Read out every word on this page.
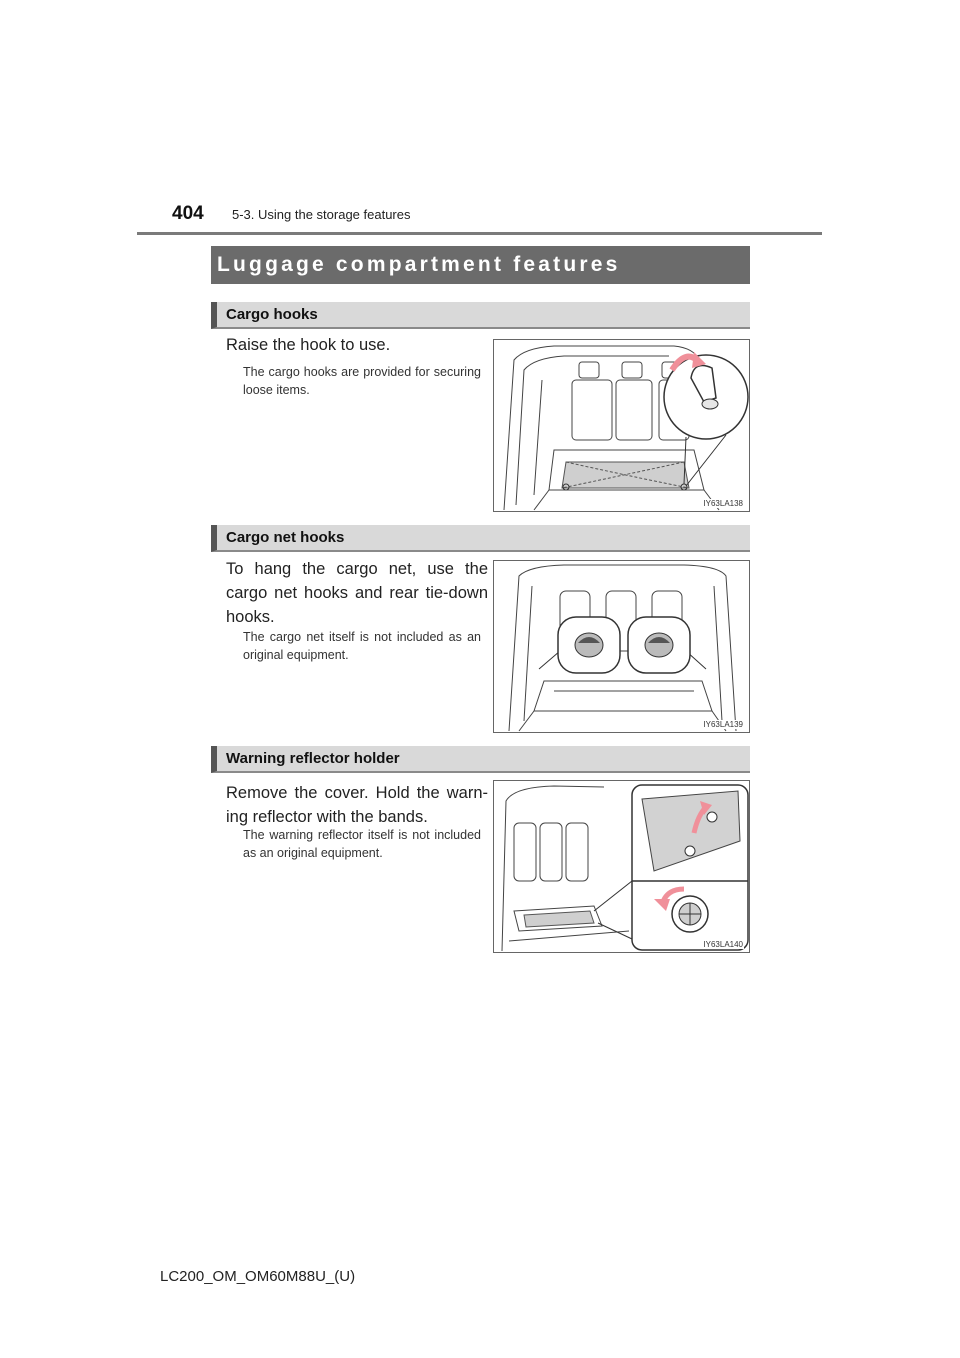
404 5-3. Using the storage features
Luggage compartment features
Cargo hooks
Raise the hook to use.
The cargo hooks are provided for securing loose items.
IY63LA138
Cargo net hooks
To hang the cargo net, use the
cargo net hooks and rear tie-down
hooks.
The cargo net itself is not included as an original equipment.
IY63LA139
Warning reflector holder
Remove the cover. Hold the warn-
ing reflector with the bands.
The warning reflector itself is not included as an original equipment.
IY63LA140
LC200_OM_OM60M88U_(U)
